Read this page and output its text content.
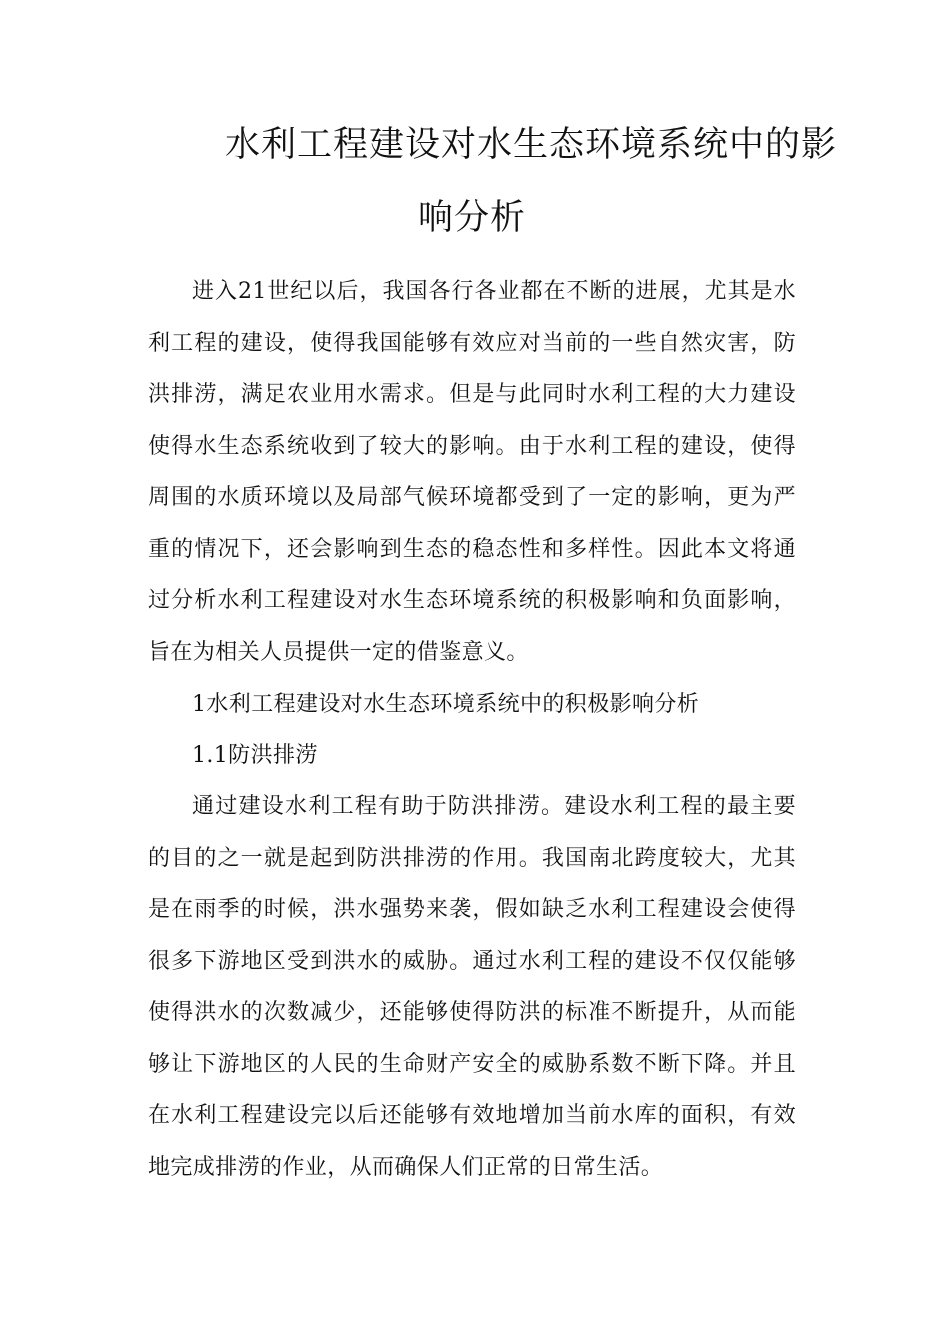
水利工程建设对水生态环境系统中的影
响分析

进入21世纪以后，我国各行各业都在不断的进展，尤其是水利工程的建设，使得我国能够有效应对当前的一些自然灾害，防洪排涝，满足农业用水需求。但是与此同时水利工程的大力建设使得水生态系统收到了较大的影响。由于水利工程的建设，使得周围的水质环境以及局部气候环境都受到了一定的影响，更为严重的情况下，还会影响到生态的稳态性和多样性。因此本文将通过分析水利工程建设对水生态环境系统的积极影响和负面影响，旨在为相关人员提供一定的借鉴意义。

1水利工程建设对水生态环境系统中的积极影响分析

1.1防洪排涝

通过建设水利工程有助于防洪排涝。建设水利工程的最主要的目的之一就是起到防洪排涝的作用。我国南北跨度较大，尤其是在雨季的时候，洪水强势来袭，假如缺乏水利工程建设会使得很多下游地区受到洪水的威胁。通过水利工程的建设不仅仅能够使得洪水的次数减少，还能够使得防洪的标准不断提升，从而能够让下游地区的人民的生命财产安全的威胁系数不断下降。并且在水利工程建设完以后还能够有效地增加当前水库的面积，有效地完成排涝的作业，从而确保人们正常的日常生活。
